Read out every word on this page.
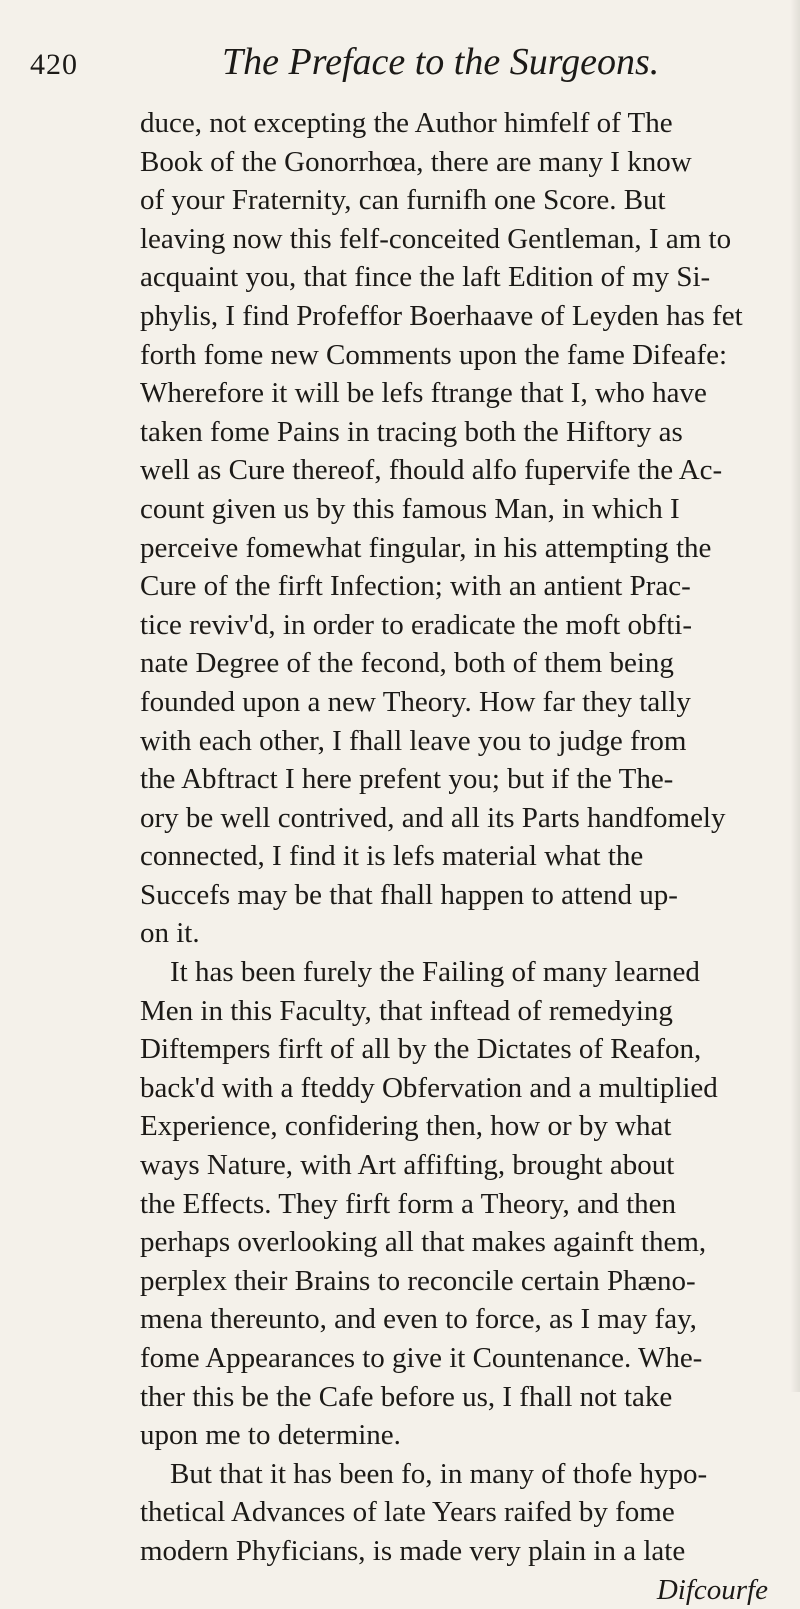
420	The Preface to the Surgeons.
duce, not excepting the Author himfelf of The
Book of the Gonorrhœa, there are many I know
of your Fraternity, can furnifh one Score. But
leaving now this felf-conceited Gentleman, I am to
acquaint you, that fince the laft Edition of my Si-
phylis, I find Profeffor Boerhaave of Leyden has fet
forth fome new Comments upon the fame Difeafe:
Wherefore it will be lefs ftrange that I, who have
taken fome Pains in tracing both the Hiftory as
well as Cure thereof, fhould alfo fupervife the Ac-
count given us by this famous Man, in which I
perceive fomewhat fingular, in his attempting the
Cure of the firft Infection; with an antient Prac-
tice reviv'd, in order to eradicate the moft obfti-
nate Degree of the fecond, both of them being
founded upon a new Theory. How far they tally
with each other, I fhall leave you to judge from
the Abftract I here prefent you; but if the The-
ory be well contrived, and all its Parts handfomely
connected, I find it is lefs material what the
Succefs may be that fhall happen to attend up-
on it.
It has been furely the Failing of many learned
Men in this Faculty, that inftead of remedying
Diftempers firft of all by the Dictates of Reafon,
back'd with a fteddy Obfervation and a multiplied
Experience, confidering then, how or by what
ways Nature, with Art affifting, brought about
the Effects. They firft form a Theory, and then
perhaps overlooking all that makes againft them,
perplex their Brains to reconcile certain Phæno-
mena thereunto, and even to force, as I may fay,
fome Appearances to give it Countenance. Whe-
ther this be the Cafe before us, I fhall not take
upon me to determine.
But that it has been fo, in many of thofe hypo-
thetical Advances of late Years raifed by fome
modern Phyficians, is made very plain in a late
Difcourfe
